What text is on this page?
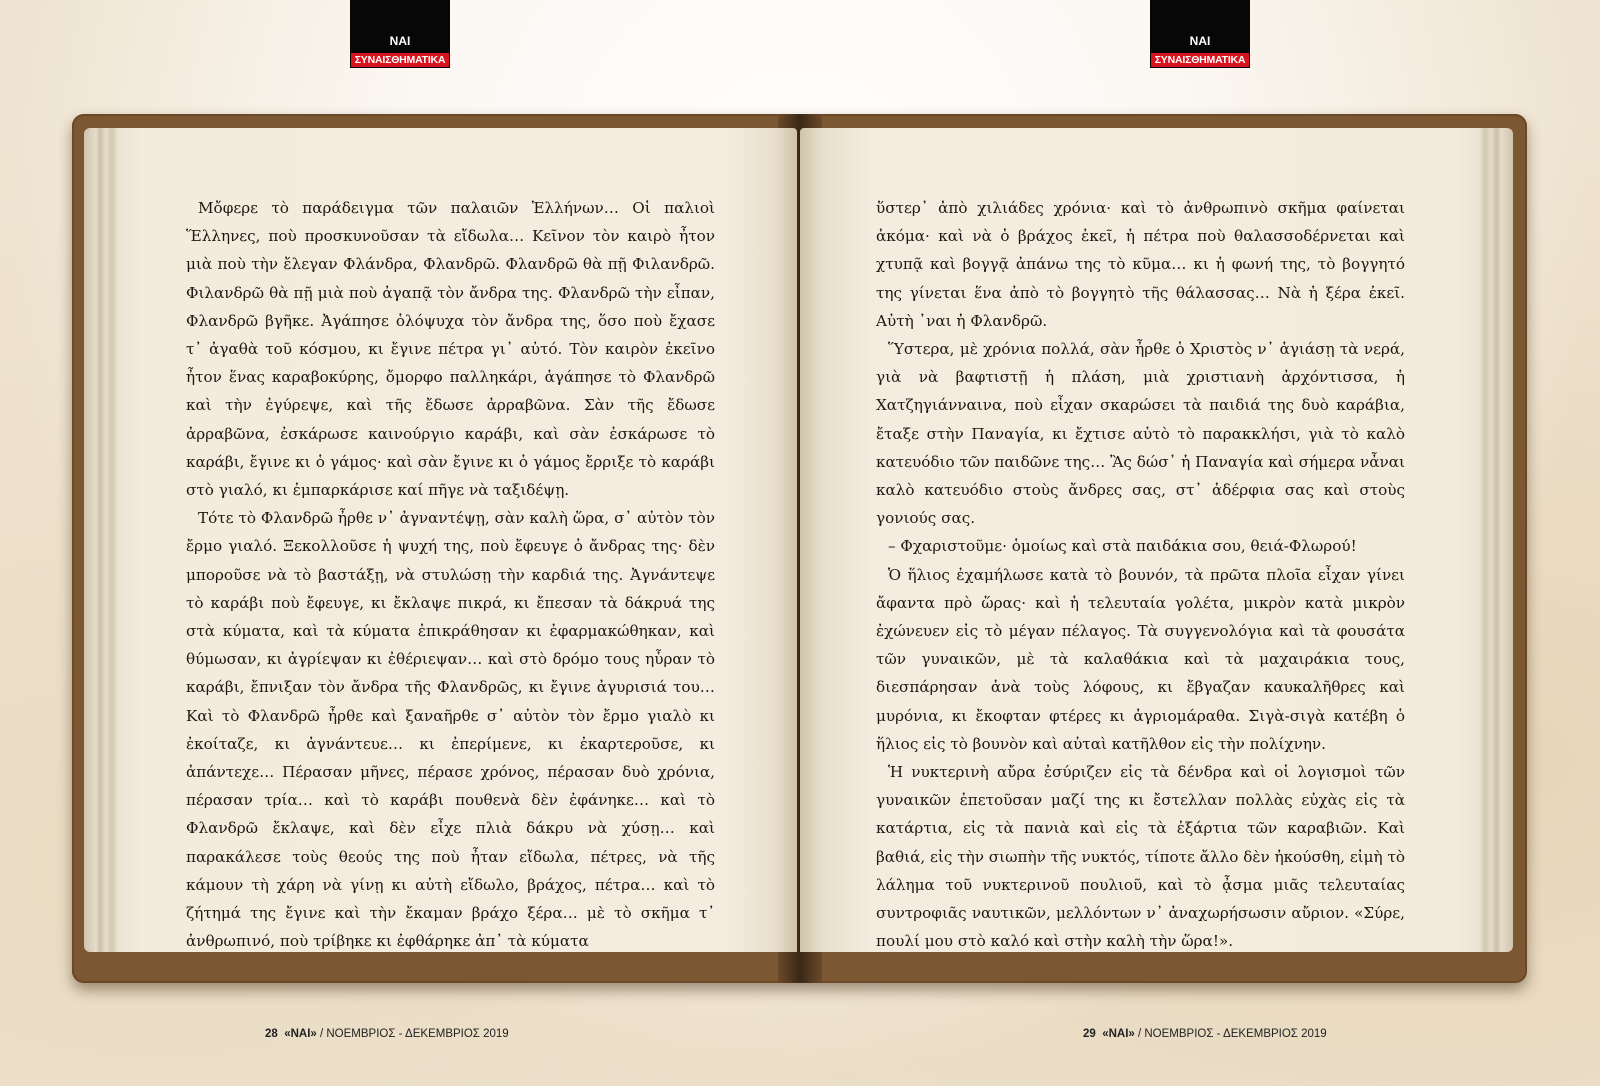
ΝΑΙ
ΣΥΝΑΙΣΘΗΜΑΤΙΚΑ
ΝΑΙ
ΣΥΝΑΙΣΘΗΜΑΤΙΚΑ

Μὄφερε τὸ παράδειγμα τῶν παλαιῶν Ἑλλήνων… Οἱ παλιοὶ Ἕλληνες, ποὺ προσκυνοῦσαν τὰ εἴδωλα… Κεῖνον τὸν καιρὸ ἦτον μιὰ ποὺ τὴν ἔλεγαν Φλάνδρα, Φλανδρῶ. Φλανδρῶ θὰ πῇ Φιλανδρῶ. Φιλανδρῶ θὰ πῇ μιὰ ποὺ ἀγαπᾷ τὸν ἄνδρα της. Φλανδρῶ τὴν εἶπαν, Φλανδρῶ βγῆκε. Ἀγάπησε ὁλόψυχα τὸν ἄνδρα της, ὅσο ποὺ ἔχασε τ᾽ ἀγαθὰ τοῦ κόσμου, κι ἔγινε πέτρα γι᾽ αὐτό. Τὸν καιρὸν ἐκεῖνο ἦτον ἕνας καραβοκύρης, ὄμορφο παλληκάρι, ἀγάπησε τὸ Φλανδρῶ καὶ τὴν ἐγύρεψε, καὶ τῆς ἔδωσε ἀρραβῶνα. Σὰν τῆς ἔδωσε ἀρραβῶνα, ἐσκάρωσε καινούργιο καράβι, καὶ σὰν ἐσκάρωσε τὸ καράβι, ἔγινε κι ὁ γάμος· καὶ σὰν ἔγινε κι ὁ γάμος ἔρριξε τὸ καράβι στὸ γιαλό, κι ἐμπαρκάρισε καί πῆγε νὰ ταξιδέψῃ.

Τότε τὸ Φλανδρῶ ἦρθε ν᾽ ἀγναντέψῃ, σὰν καλὴ ὥρα, σ᾽ αὐτὸν τὸν ἔρμο γιαλό. Ξεκολλοῦσε ἡ ψυχή της, ποὺ ἔφευγε ὁ ἄνδρας της· δὲν μποροῦσε νὰ τὸ βαστάξῃ, νὰ στυλώσῃ τὴν καρδιά της. Ἀγνάντεψε τὸ καράβι ποὺ ἔφευγε, κι ἔκλαψε πικρά, κι ἔπεσαν τὰ δάκρυά της στὰ κύματα, καὶ τὰ κύματα ἐπικράθησαν κι ἐφαρμακώθηκαν, καὶ θύμωσαν, κι ἀγρίεψαν κι ἐθέριεψαν… καὶ στὸ δρόμο τους ηὗραν τὸ καράβι, ἔπνιξαν τὸν ἄνδρα τῆς Φλανδρῶς, κι ἔγινε ἀγυρισιά του… Καὶ τὸ Φλανδρῶ ἦρθε καὶ ξαναῆρθε σ᾽ αὐτὸν τὸν ἔρμο γιαλὸ κι ἐκοίταζε, κι ἀγνάντευε… κι ἐπερίμενε, κι ἐκαρτεροῦσε, κι ἀπάντεχε… Πέρασαν μῆνες, πέρασε χρόνος, πέρασαν δυὸ χρόνια, πέρασαν τρία… καὶ τὸ καράβι πουθενὰ δὲν ἐφάνηκε… καὶ τὸ Φλανδρῶ ἔκλαψε, καὶ δὲν εἶχε πλιὰ δάκρυ νὰ χύσῃ… καὶ παρακάλεσε τοὺς θεούς της ποὺ ἦταν εἴδωλα, πέτρες, νὰ τῆς κάμουν τὴ χάρη νὰ γίνῃ κι αὐτὴ εἴδωλο, βράχος, πέτρα… καὶ τὸ ζήτημά της ἔγινε καὶ τὴν ἔκαμαν βράχο ξέρα… μὲ τὸ σκῆμα τ᾽ ἀνθρωπινό, ποὺ τρίβηκε κι ἐφθάρηκε ἀπ᾽ τὰ κύματα

ὕστερ᾽ ἀπὸ χιλιάδες χρόνια· καὶ τὸ ἀνθρωπινὸ σκῆμα φαίνεται ἀκόμα· καὶ νὰ ὁ βράχος ἐκεῖ, ἡ πέτρα ποὺ θαλασσοδέρνεται καὶ χτυπᾷ καὶ βογγᾷ ἀπάνω της τὸ κῦμα… κι ἡ φωνή της, τὸ βογγητό της γίνεται ἕνα ἀπὸ τὸ βογγητὸ τῆς θάλασσας… Νὰ ἡ ξέρα ἐκεῖ. Αὐτὴ ᾽ναι ἡ Φλανδρῶ.

Ὕστερα, μὲ χρόνια πολλά, σὰν ἦρθε ὁ Χριστὸς ν᾽ ἁγιάσῃ τὰ νερά, γιὰ νὰ βαφτιστῇ ἡ πλάση, μιὰ χριστιανὴ ἀρχόντισσα, ἡ Χατζηγιάνναινα, ποὺ εἶχαν σκαρώσει τὰ παιδιά της δυὸ καράβια, ἔταξε στὴν Παναγία, κι ἔχτισε αὐτὸ τὸ παρακκλήσι, γιὰ τὸ καλὸ κατευόδιο τῶν παιδῶνε της… Ἂς δώσ᾽ ἡ Παναγία καὶ σήμερα νἆναι καλὸ κατευόδιο στοὺς ἄνδρες σας, στ᾽ ἀδέρφια σας καὶ στοὺς γονιούς σας.

– Φχαριστοῦμε· ὁμοίως καὶ στὰ παιδάκια σου, θειά-Φλωρού!

Ὁ ἥλιος ἐχαμήλωσε κατὰ τὸ βουνόν, τὰ πρῶτα πλοῖα εἶχαν γίνει ἄφαντα πρὸ ὥρας· καὶ ἡ τελευταία γολέτα, μικρὸν κατὰ μικρὸν ἐχώνευεν εἰς τὸ μέγαν πέλαγος. Τὰ συγγενολόγια καὶ τὰ φουσάτα τῶν γυναικῶν, μὲ τὰ καλαθάκια καὶ τὰ μαχαιράκια τους, διεσπάρησαν ἀνὰ τοὺς λόφους, κι ἔβγαζαν καυκαλῆθρες καὶ μυρόνια, κι ἔκοφταν φτέρες κι ἀγριομάραθα. Σιγὰ-σιγὰ κατέβη ὁ ἥλιος εἰς τὸ βουνὸν καὶ αὐταὶ κατῆλθον εἰς τὴν πολίχνην.

Ἡ νυκτερινὴ αὔρα ἐσύριζεν εἰς τὰ δένδρα καὶ οἱ λογισμοὶ τῶν γυναικῶν ἐπετοῦσαν μαζί της κι ἔστελλαν πολλὰς εὐχὰς εἰς τὰ κατάρτια, εἰς τὰ πανιὰ καὶ εἰς τὰ ἐξάρτια τῶν καραβιῶν. Καὶ βαθιά, εἰς τὴν σιωπὴν τῆς νυκτός, τίποτε ἄλλο δὲν ἠκούσθη, εἰμὴ τὸ λάλημα τοῦ νυκτερινοῦ πουλιοῦ, καὶ τὸ ᾆσμα μιᾶς τελευταίας συντροφιᾶς ναυτικῶν, μελλόντων ν᾽ ἀναχωρήσωσιν αὔριον. «Σύρε, πουλί μου στὸ καλό καὶ στὴν καλὴ τὴν ὥρα!».

28 «ΝΑΙ» / ΝΟΕΜΒΡΙΟΣ - ΔΕΚΕΜΒΡΙΟΣ 2019	29 «ΝΑΙ» / ΝΟΕΜΒΡΙΟΣ - ΔΕΚΕΜΒΡΙΟΣ 2019
